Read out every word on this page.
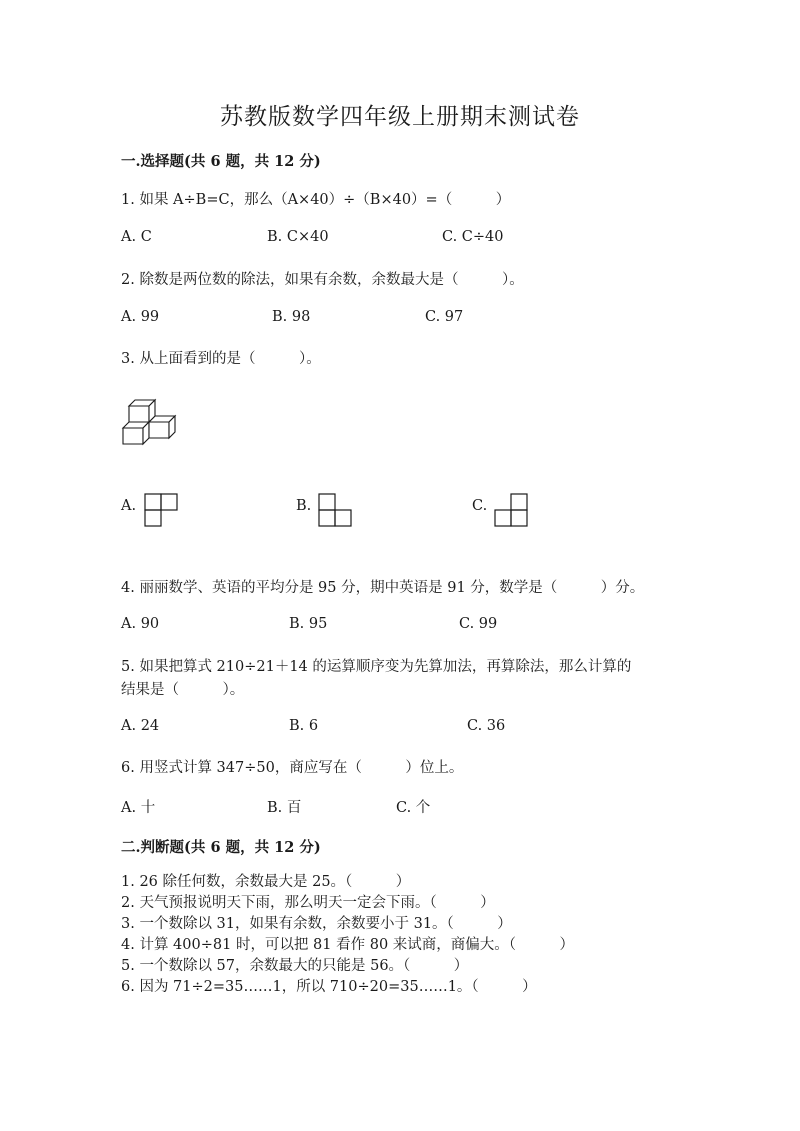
苏教版数学四年级上册期末测试卷
一.选择题(共 6 题，共 12 分)
1. 如果 A÷B=C，那么（A×40）÷（B×40）=（　　　）
A. C	B. C×40	C. C÷40
2. 除数是两位数的除法，如果有余数，余数最大是（　　　）。
A. 99	B. 98	C. 97
3. 从上面看到的是（　　　）。
A.	B.	C.
4. 丽丽数学、英语的平均分是 95 分，期中英语是 91 分，数学是（　　　）分。
A. 90	B. 95	C. 99
5. 如果把算式 210÷21＋14 的运算顺序变为先算加法，再算除法，那么计算的
结果是（　　　）。
A. 24	B. 6	C. 36
6. 用竖式计算 347÷50，商应写在（　　　）位上。
A. 十	B. 百	C. 个
二.判断题(共 6 题，共 12 分)
1. 26 除任何数，余数最大是 25。（　　　）
2. 天气预报说明天下雨，那么明天一定会下雨。（　　　）
3. 一个数除以 31，如果有余数，余数要小于 31。（　　　）
4. 计算 400÷81 时，可以把 81 看作 80 来试商，商偏大。（　　　）
5. 一个数除以 57，余数最大的只能是 56。（　　　）
6. 因为 71÷2=35……1，所以 710÷20=35……1。（　　　）
